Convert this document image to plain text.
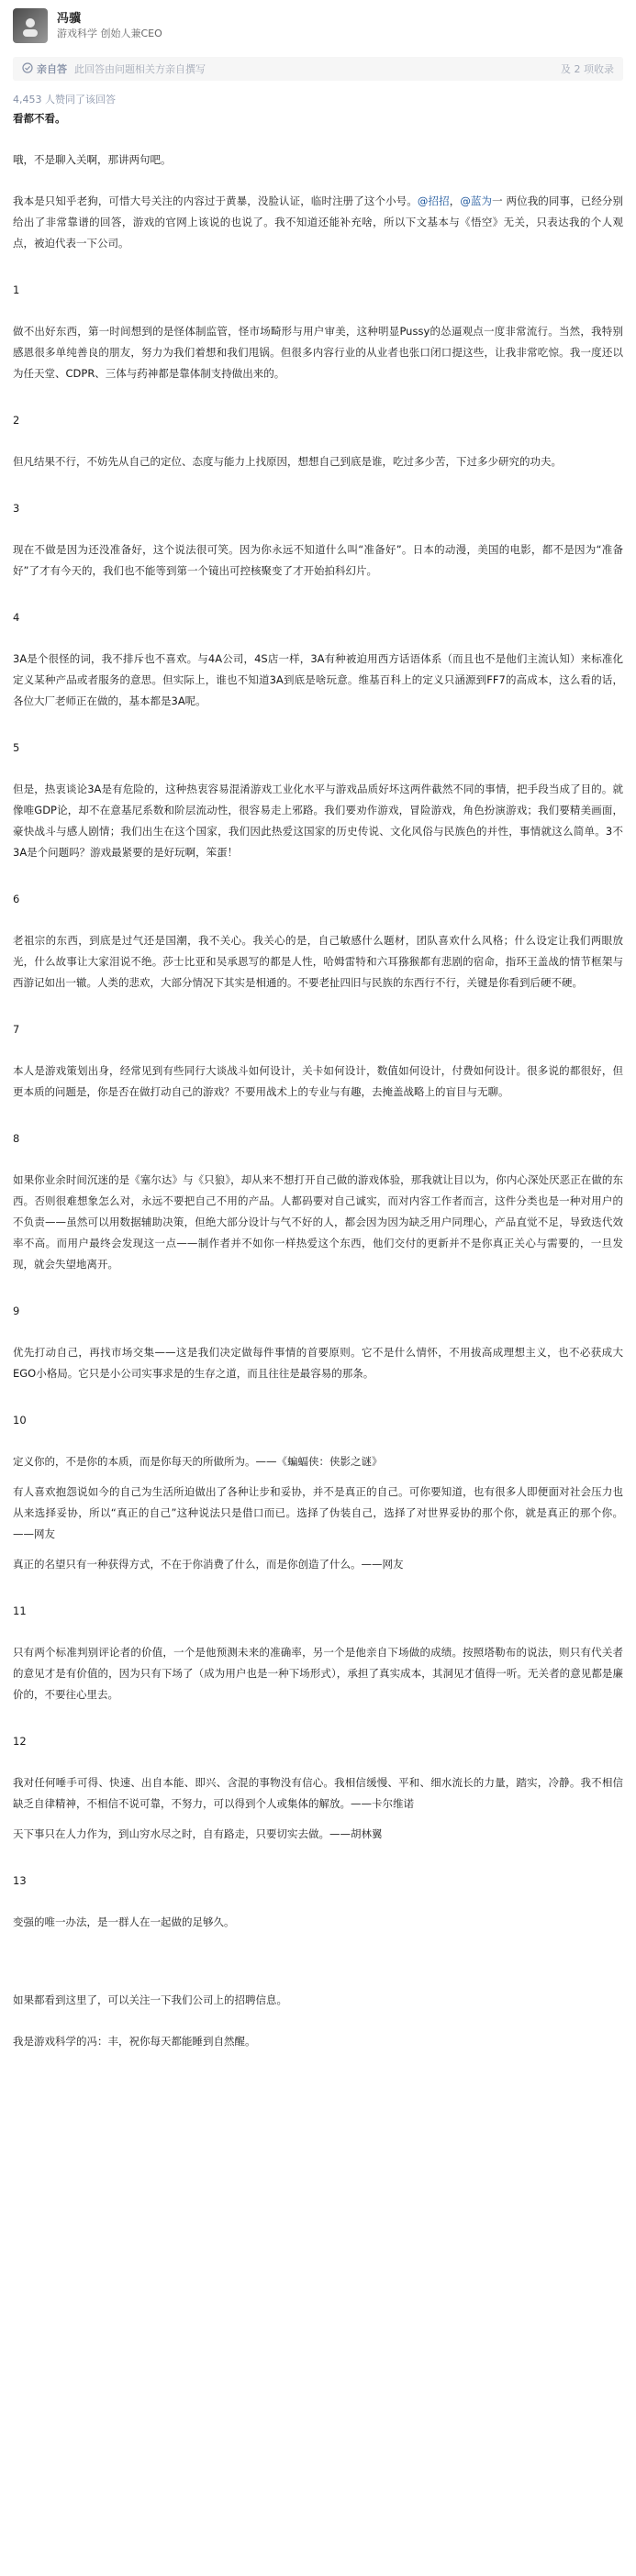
冯骥
游戏科学 创始人兼CEO
亲自答 此回答由问题相关方亲自撰写	及 2 项收录
4,453 人赞同了该回答

看都不看。

哦，不是聊入关啊，那讲两句吧。

我本是只知乎老狗，可惜大号关注的内容过于黄暴，没脸认证，临时注册了这个小号。@招招，@蓝为一 两位我的同事，已经分别给出了非常靠谱的回答，游戏的官网上该说的也说了。我不知道还能补充啥，所以下文基本与《悟空》无关，只表达我的个人观点，被迫代表一下公司。

1

做不出好东西，第一时间想到的是怪体制监管，怪市场畸形与用户审美，这种明显Pussy的怂逼观点一度非常流行。当然，我特别感恩很多单纯善良的朋友，努力为我们着想和我们甩锅。但很多内容行业的从业者也张口闭口提这些，让我非常吃惊。我一度还以为任天堂、CDPR、三体与药神都是靠体制支持做出来的。

2

但凡结果不行，不妨先从自己的定位、态度与能力上找原因，想想自己到底是谁，吃过多少苦，下过多少研究的功夫。

3

现在不做是因为还没准备好，这个说法很可笑。因为你永远不知道什么叫“准备好”。日本的动漫，美国的电影，都不是因为“准备好”了才有今天的，我们也不能等到第一个镜出可控核聚变了才开始拍科幻片。

4

3A是个很怪的词，我不排斥也不喜欢。与4A公司，4S店一样，3A有种被迫用西方话语体系（而且也不是他们主流认知）来标准化定义某种产品或者服务的意思。但实际上，谁也不知道3A到底是啥玩意。维基百科上的定义只涵源到FF7的高成本，这么看的话，各位大厂老师正在做的，基本都是3A呢。

5

但是，热衷谈论3A是有危险的，这种热衷容易混淆游戏工业化水平与游戏品质好坏这两件截然不同的事情，把手段当成了目的。就像唯GDP论，却不在意基尼系数和阶层流动性，很容易走上邪路。我们要劝作游戏，冒险游戏，角色扮演游戏；我们要精美画面，豪快战斗与感人剧情；我们出生在这个国家，我们因此热爱这国家的历史传说、文化风俗与民族色的并性，事情就这么简单。3不3A是个问题吗？游戏最紧要的是好玩啊，笨蛋！

6

老祖宗的东西，到底是过气还是国潮，我不关心。我关心的是，自己敏感什么题材，团队喜欢什么风格；什么设定让我们两眼放光，什么故事让大家泪说不绝。莎士比亚和吴承恩写的都是人性，哈姆雷特和六耳猕猴都有悲剧的宿命，指环王盖战的情节框架与西游记如出一辙。人类的悲欢，大部分情况下其实是相通的。不要老扯四旧与民族的东西行不行，关键是你看到后硬不硬。

7

本人是游戏策划出身，经常见到有些同行大谈战斗如何设计，关卡如何设计，数值如何设计，付费如何设计。很多说的都很好，但更本质的问题是，你是否在做打动自己的游戏？不要用战术上的专业与有趣，去掩盖战略上的盲目与无聊。

8

如果你业余时间沉迷的是《塞尔达》与《只狼》，却从来不想打开自己做的游戏体验，那我就让目以为，你内心深处厌恶正在做的东西。否则很难想象怎么对，永远不要把自己不用的产品。人都码要对自己诚实，而对内容工作者而言，这件分类也是一种对用户的不负责——虽然可以用数据辅助决策，但绝大部分设计与气不好的人，都会因为因为缺乏用户同理心，产品直觉不足，导致迭代效率不高。而用户最终会发现这一点——制作者并不如你一样热爱这个东西，他们交付的更新并不是你真正关心与需要的，一旦发现，就会失望地离开。

9

优先打动自己，再找市场交集——这是我们决定做每件事情的首要原则。它不是什么情怀，不用拔高成理想主义，也不必获成大EGO小格局。它只是小公司实事求是的生存之道，而且往往是最容易的那条。

10

定义你的，不是你的本质，而是你每天的所做所为。——《蝙蝠侠：侠影之谜》

有人喜欢抱怨说如今的自己为生活所迫做出了各种让步和妥协，并不是真正的自己。可你要知道，也有很多人即便面对社会压力也从来选择妥协，所以“真正的自己”这种说法只是借口而已。选择了伪装自己，选择了对世界妥协的那个你，就是真正的那个你。——网友

真正的名望只有一种获得方式，不在于你消费了什么，而是你创造了什么。——网友

11

只有两个标准判别评论者的价值，一个是他预测未来的准确率，另一个是他亲自下场做的成绩。按照塔勒布的说法，则只有代关者的意见才是有价值的，因为只有下场了（成为用户也是一种下场形式），承担了真实成本，其洞见才值得一听。无关者的意见都是廉价的，不要往心里去。

12

我对任何唾手可得、快速、出自本能、即兴、含混的事物没有信心。我相信缓慢、平和、细水流长的力量，踏实，冷静。我不相信缺乏自律精神，不相信不说可靠，不努力，可以得到个人或集体的解放。——卡尔维诺

天下事只在人力作为，到山穷水尽之时，自有路走，只要切实去做。——胡林翼

13

变强的唯一办法，是一群人在一起做的足够久。

如果都看到这里了，可以关注一下我们公司上的招聘信息。

我是游戏科学的冯：丰，祝你每天都能睡到自然醒。
